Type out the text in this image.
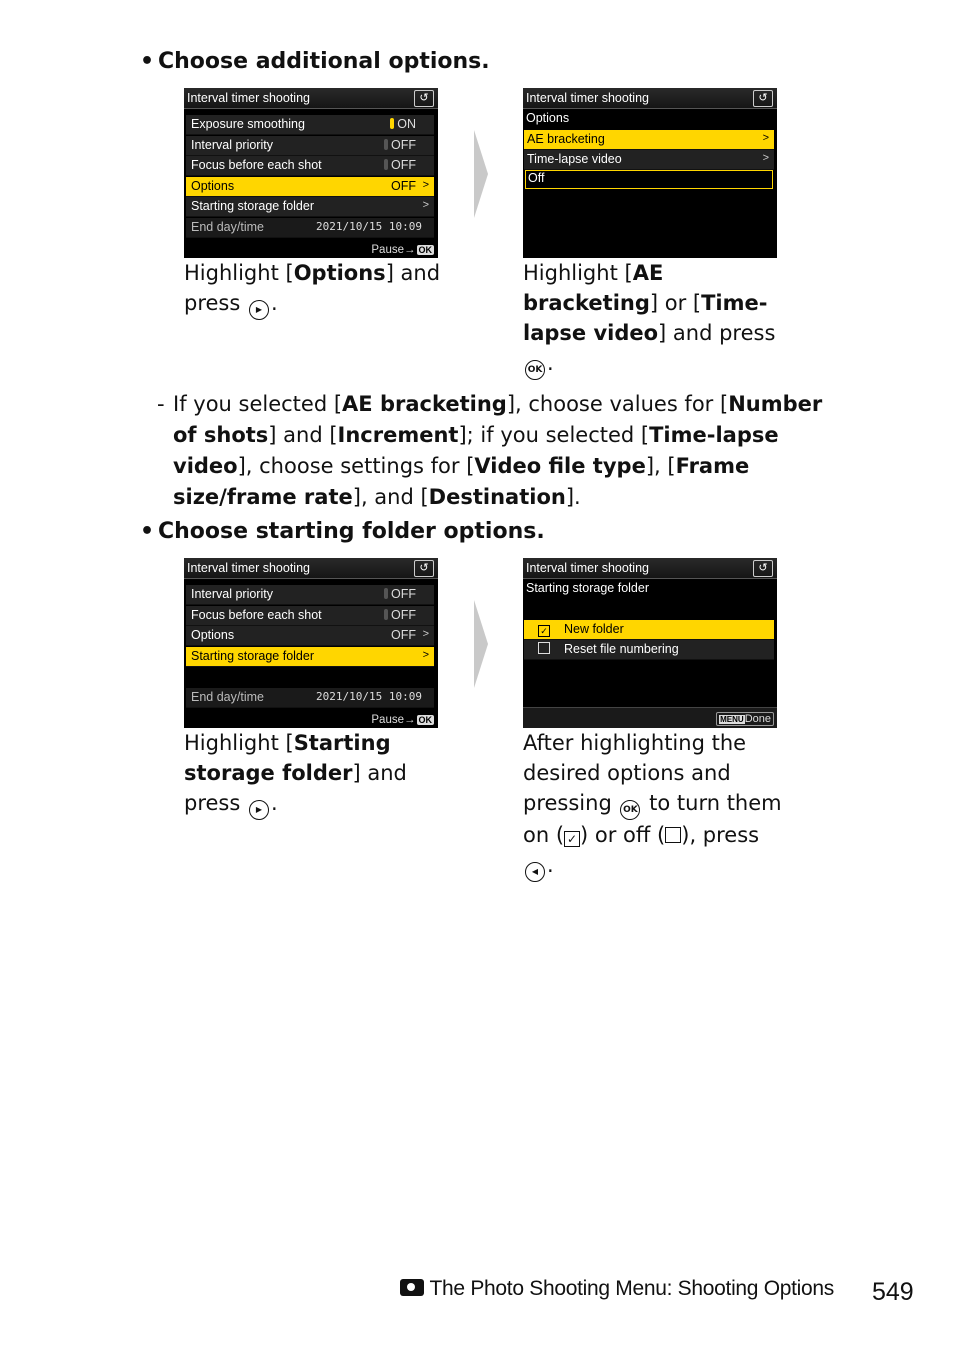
• Choose additional options.
Interval timer shooting	↺
Exposure smoothing	ON
Interval priority	OFF
Focus before each shot	OFF
Options	OFF >
Starting storage folder	>
End day/time	2021/10/15 10:09
Pause→ OK
Interval timer shooting	↺
Options
AE bracketing	>
Time-lapse video	>
Off
Highlight [Options] and press ▶ .
Highlight [AE bracketing] or [Time-lapse video] and press OK .
- If you selected [AE bracketing], choose values for [Number of shots] and [Increment]; if you selected [Time-lapse video], choose settings for [Video file type], [Frame size/frame rate], and [Destination].
• Choose starting folder options.
Interval timer shooting	↺
Interval priority	OFF
Focus before each shot	OFF
Options	OFF >
Starting storage folder	>
End day/time	2021/10/15 10:09
Pause→ OK
Interval timer shooting	↺
Starting storage folder
✓ New folder
Reset file numbering
MENUDone
Highlight [Starting storage folder] and press ▶ .
After highlighting the desired options and pressing OK to turn them on ( ✓ ) or off ( ), press ◀ .
The Photo Shooting Menu: Shooting Options 549
